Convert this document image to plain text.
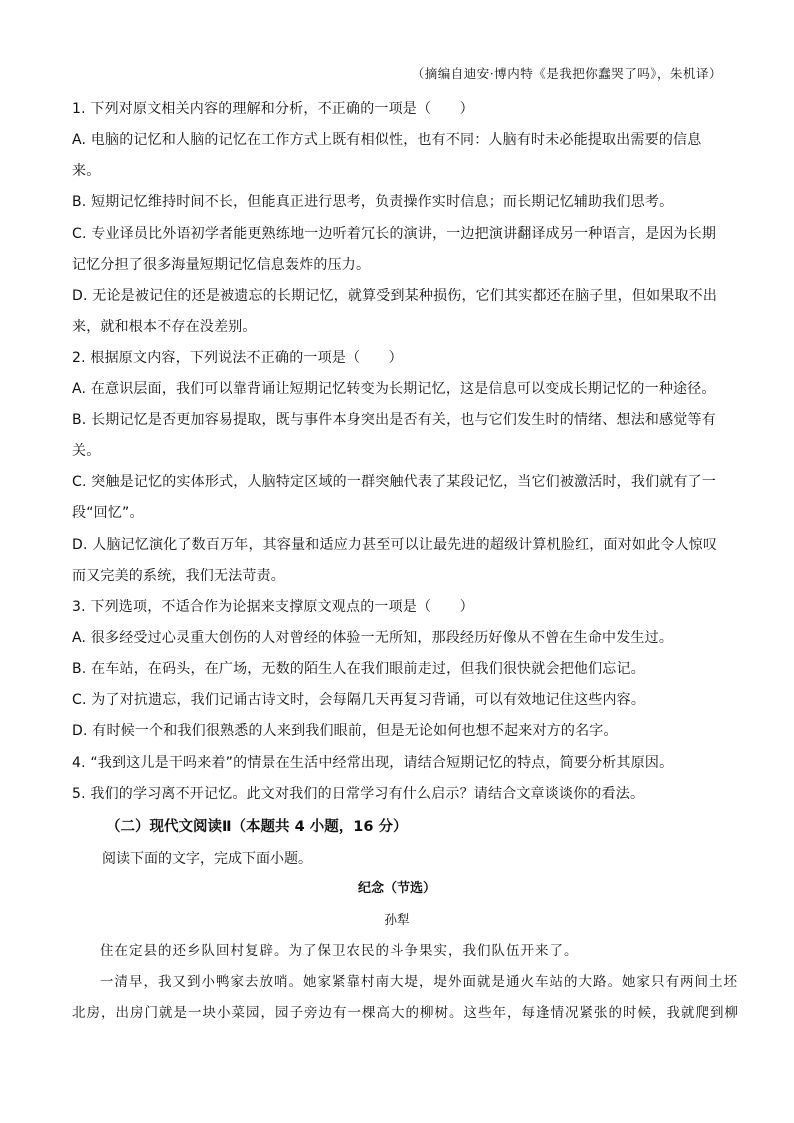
（摘编自迪安·博内特《是我把你蠢哭了吗》，朱机译）
1. 下列对原文相关内容的理解和分析，不正确的一项是（　　）
A. 电脑的记忆和人脑的记忆在工作方式上既有相似性，也有不同：人脑有时未必能提取出需要的信息
来。
B. 短期记忆维持时间不长，但能真正进行思考，负责操作实时信息；而长期记忆辅助我们思考。
C. 专业译员比外语初学者能更熟练地一边听着冗长的演讲，一边把演讲翻译成另一种语言，是因为长期
记忆分担了很多海量短期记忆信息轰炸的压力。
D. 无论是被记住的还是被遗忘的长期记忆，就算受到某种损伤，它们其实都还在脑子里，但如果取不出
来，就和根本不存在没差别。
2. 根据原文内容，下列说法不正确的一项是（　　）
A. 在意识层面，我们可以靠背诵让短期记忆转变为长期记忆，这是信息可以变成长期记忆的一种途径。
B. 长期记忆是否更加容易提取，既与事件本身突出是否有关，也与它们发生时的情绪、想法和感觉等有
关。
C. 突触是记忆的实体形式，人脑特定区域的一群突触代表了某段记忆，当它们被激活时，我们就有了一
段“回忆”。
D. 人脑记忆演化了数百万年，其容量和适应力甚至可以让最先进的超级计算机脸红，面对如此令人惊叹
而又完美的系统，我们无法苛责。
3. 下列选项，不适合作为论据来支撑原文观点的一项是（　　）
A. 很多经受过心灵重大创伤的人对曾经的体验一无所知，那段经历好像从不曾在生命中发生过。
B. 在车站，在码头，在广场，无数的陌生人在我们眼前走过，但我们很快就会把他们忘记。
C. 为了对抗遗忘，我们记诵古诗文时，会每隔几天再复习背诵，可以有效地记住这些内容。
D. 有时候一个和我们很熟悉的人来到我们眼前，但是无论如何也想不起来对方的名字。
4. “我到这儿是干吗来着”的情景在生活中经常出现，请结合短期记忆的特点，简要分析其原因。
5. 我们的学习离不开记忆。此文对我们的日常学习有什么启示？请结合文章谈谈你的看法。
（二）现代文阅读Ⅱ（本题共 4 小题，16 分）
阅读下面的文字，完成下面小题。
纪念（节选）
孙犁
住在定县的还乡队回村复辟。为了保卫农民的斗争果实，我们队伍开来了。
一清早，我又到小鸭家去放哨。她家紧靠村南大堤，堤外面就是通火车站的大路。她家只有两间土坯
北房，出房门就是一块小菜园，园子旁边有一棵高大的柳树。这些年，每逢情况紧张的时候，我就爬到柳
